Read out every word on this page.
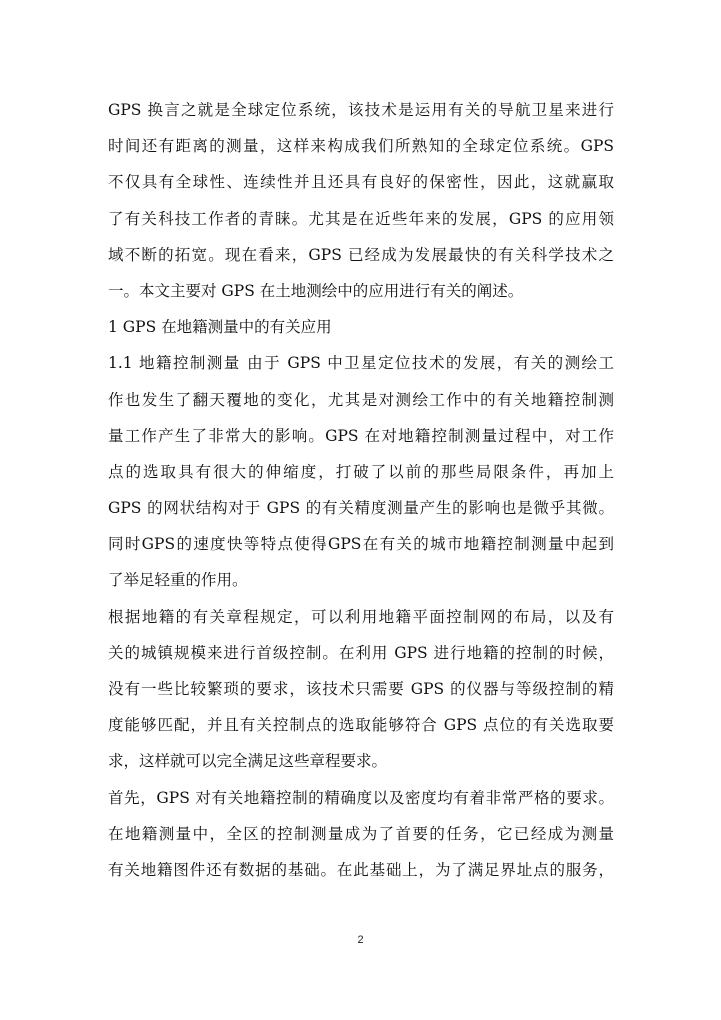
GPS 换言之就是全球定位系统，该技术是运用有关的导航卫星来进行
时间还有距离的测量，这样来构成我们所熟知的全球定位系统。GPS
不仅具有全球性、连续性并且还具有良好的保密性，因此，这就赢取
了有关科技工作者的青睐。尤其是在近些年来的发展，GPS 的应用领
域不断的拓宽。现在看来，GPS 已经成为发展最快的有关科学技术之
一。本文主要对 GPS 在土地测绘中的应用进行有关的阐述。
1 GPS 在地籍测量中的有关应用
1.1 地籍控制测量 由于 GPS 中卫星定位技术的发展，有关的测绘工
作也发生了翻天覆地的变化，尤其是对测绘工作中的有关地籍控制测
量工作产生了非常大的影响。GPS 在对地籍控制测量过程中，对工作
点的选取具有很大的伸缩度，打破了以前的那些局限条件，再加上
GPS 的网状结构对于 GPS 的有关精度测量产生的影响也是微乎其微。
同时GPS的速度快等特点使得GPS在有关的城市地籍控制测量中起到
了举足轻重的作用。
根据地籍的有关章程规定，可以利用地籍平面控制网的布局，以及有
关的城镇规模来进行首级控制。在利用 GPS 进行地籍的控制的时候，
没有一些比较繁琐的要求，该技术只需要 GPS 的仪器与等级控制的精
度能够匹配，并且有关控制点的选取能够符合 GPS 点位的有关选取要
求，这样就可以完全满足这些章程要求。
首先，GPS 对有关地籍控制的精确度以及密度均有着非常严格的要求。
在地籍测量中，全区的控制测量成为了首要的任务，它已经成为测量
有关地籍图件还有数据的基础。在此基础上，为了满足界址点的服务，
2
